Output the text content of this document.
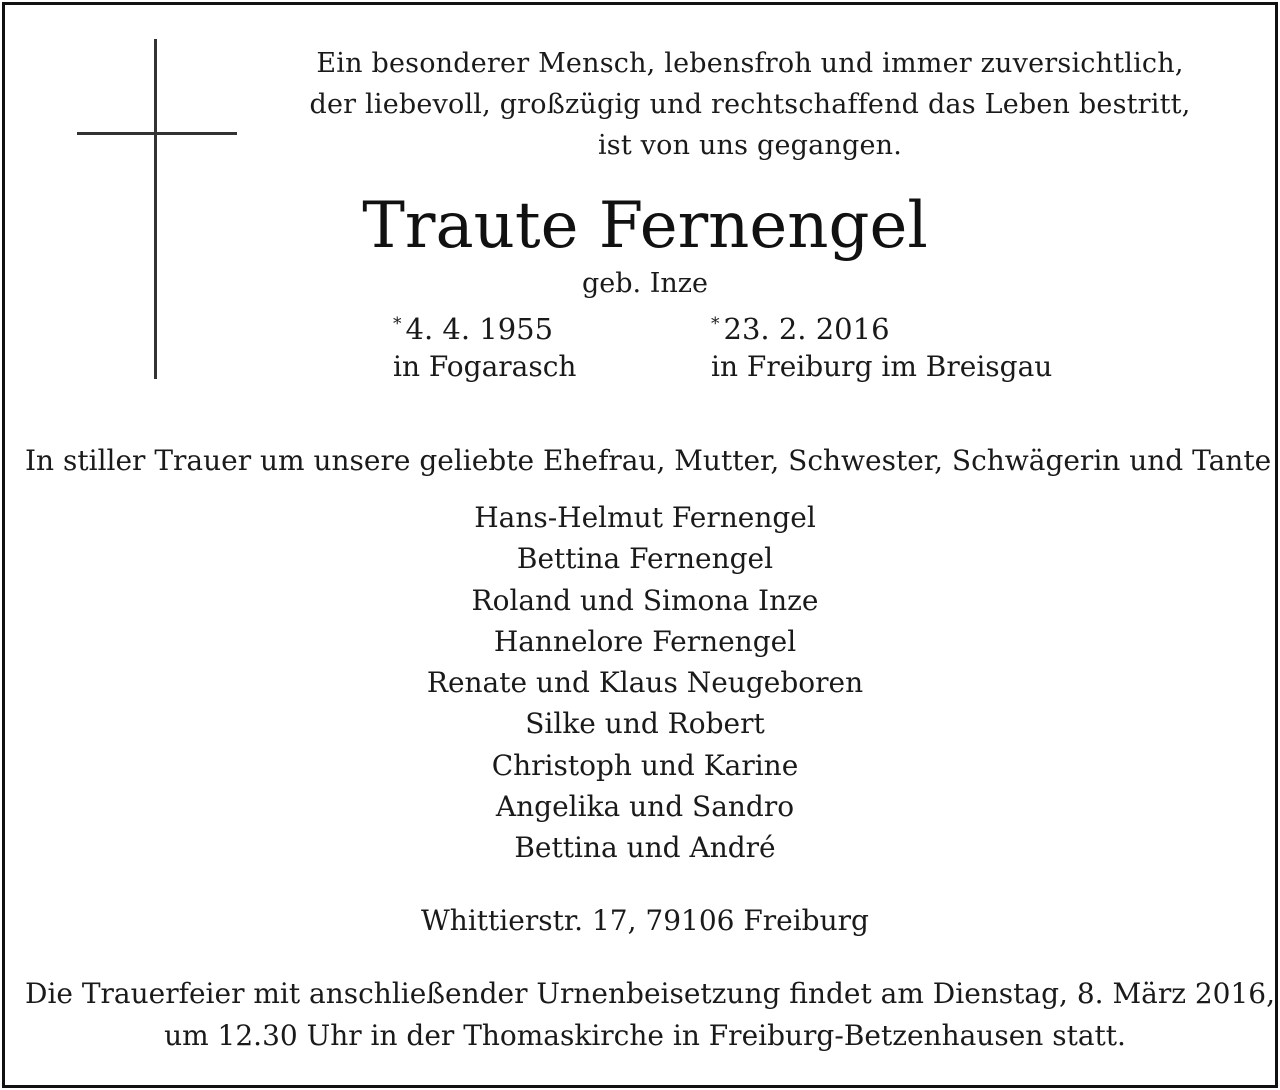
Ein besonderer Mensch, lebensfroh und immer zuversichtlich,
der liebevoll, großzügig und rechtschaffend das Leben bestritt,
ist von uns gegangen.
Traute Fernengel
geb. Inze
* 4. 4. 1955
in Fogarasch
* 23. 2. 2016
in Freiburg im Breisgau
In stiller Trauer um unsere geliebte Ehefrau, Mutter, Schwester, Schwägerin und Tante
Hans-Helmut Fernengel
Bettina Fernengel
Roland und Simona Inze
Hannelore Fernengel
Renate und Klaus Neugeboren
Silke und Robert
Christoph und Karine
Angelika und Sandro
Bettina und André
Whittierstr. 17, 79106 Freiburg
Die Trauerfeier mit anschließender Urnenbeisetzung findet am Dienstag, 8. März 2016,
um 12.30 Uhr in der Thomaskirche in Freiburg-Betzenhausen statt.
